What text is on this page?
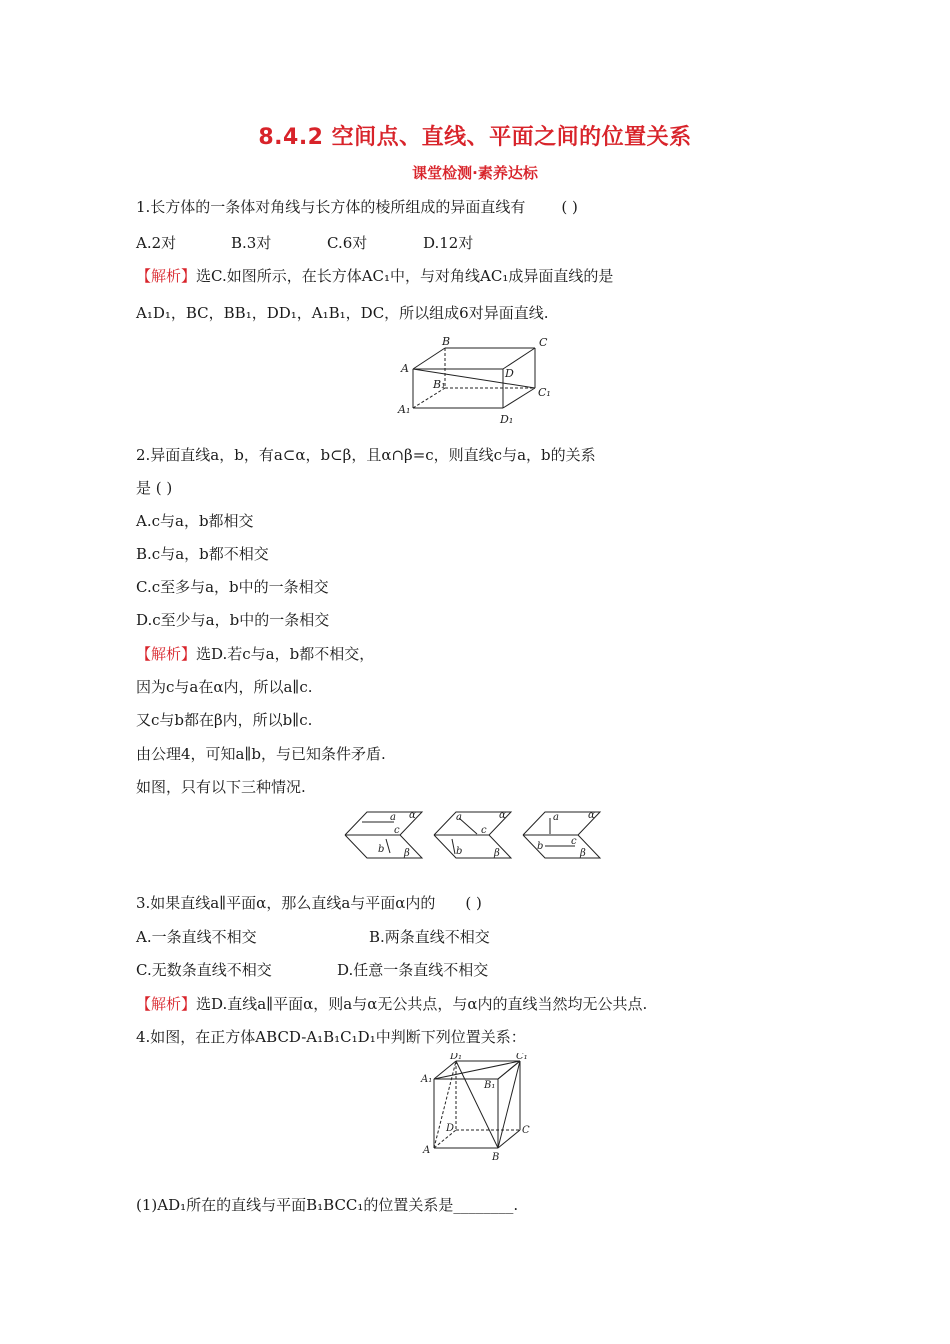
8.4.2 空间点、直线、平面之间的位置关系
课堂检测·素养达标
1.长方体的一条体对角线与长方体的棱所组成的异面直线有 ( )
A.2对	B.3对	C.6对	D.12对
【解析】选C.如图所示，在长方体AC₁中，与对角线AC₁成异面直线的是
A₁D₁，BC，BB₁，DD₁，A₁B₁，DC，所以组成6对异面直线.
B	C
A	D
B₁
C₁
A₁
D₁
2.异面直线a，b，有a⊂α，b⊂β，且α∩β=c，则直线c与a，b的关系
是 ( )
A.c与a，b都相交
B.c与a，b都不相交
C.c至多与a，b中的一条相交
D.c至少与a，b中的一条相交
【解析】选D.若c与a，b都不相交，
因为c与a在α内，所以a∥c.
又c与b都在β内，所以b∥c.
由公理4，可知a∥b，与已知条件矛盾.
如图，只有以下三种情况.
a α
c
b β
a	α
c
b	β
a	α
c
b
β
3.如果直线a∥平面α，那么直线a与平面α内的 ( )
A.一条直线不相交	B.两条直线不相交
C.无数条直线不相交	D.任意一条直线不相交
【解析】选D.直线a∥平面α，则a与α无公共点，与α内的直线当然均无公共点.
4.如图，在正方体ABCD-A₁B₁C₁D₁中判断下列位置关系：
D₁	C₁
A₁
B₁
D	C
A
B
(1)AD₁所在的直线与平面B₁BCC₁的位置关系是________.
